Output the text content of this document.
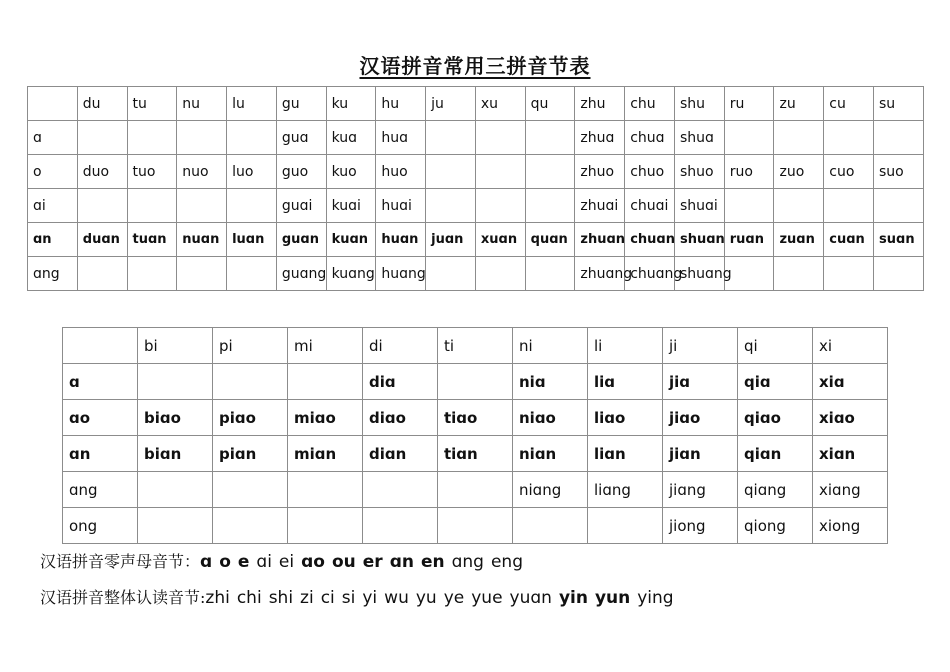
汉语拼音常用三拼音节表
	du	tu	nu	lu	gu	ku	hu	ju	xu	qu	zhu	chu	shu	ru	zu	cu	su
ɑ					guɑ	kuɑ	huɑ				zhuɑ	chuɑ	shuɑ				
o	duo	tuo	nuo	luo	guo	kuo	huo				zhuo	chuo	shuo	ruo	zuo	cuo	suo
ɑi					guɑi	kuɑi	huɑi				zhuɑi	chuɑi	shuɑi				
ɑn	duɑn	tuɑn	nuɑn	luɑn	guɑn	kuɑn	huɑn	juɑn	xuɑn	quɑn	zhuɑn	chuɑn	shuɑn	ruɑn	zuɑn	cuɑn	suɑn
ɑng					guɑng	kuɑng	huɑng				zhuɑng	chuɑng	shuɑng				
	bi	pi	mi	di	ti	ni	li	ji	qi	xi
ɑ				diɑ		niɑ	liɑ	jiɑ	qiɑ	xiɑ
ɑo	biɑo	piɑo	miɑo	diɑo	tiɑo	niɑo	liɑo	jiɑo	qiɑo	xiɑo
ɑn	biɑn	piɑn	miɑn	diɑn	tiɑn	niɑn	liɑn	jiɑn	qiɑn	xiɑn
ɑng						niɑng	liɑng	jiɑng	qiɑng	xiɑng
ong								jiong	qiong	xiong
汉语拼音零声母音节：ɑ o e ɑi ei ɑo ou er ɑn en ɑng eng
汉语拼音整体认读音节:zhi chi shi zi ci si yi wu yu ye yue yuɑn yin yun ying
